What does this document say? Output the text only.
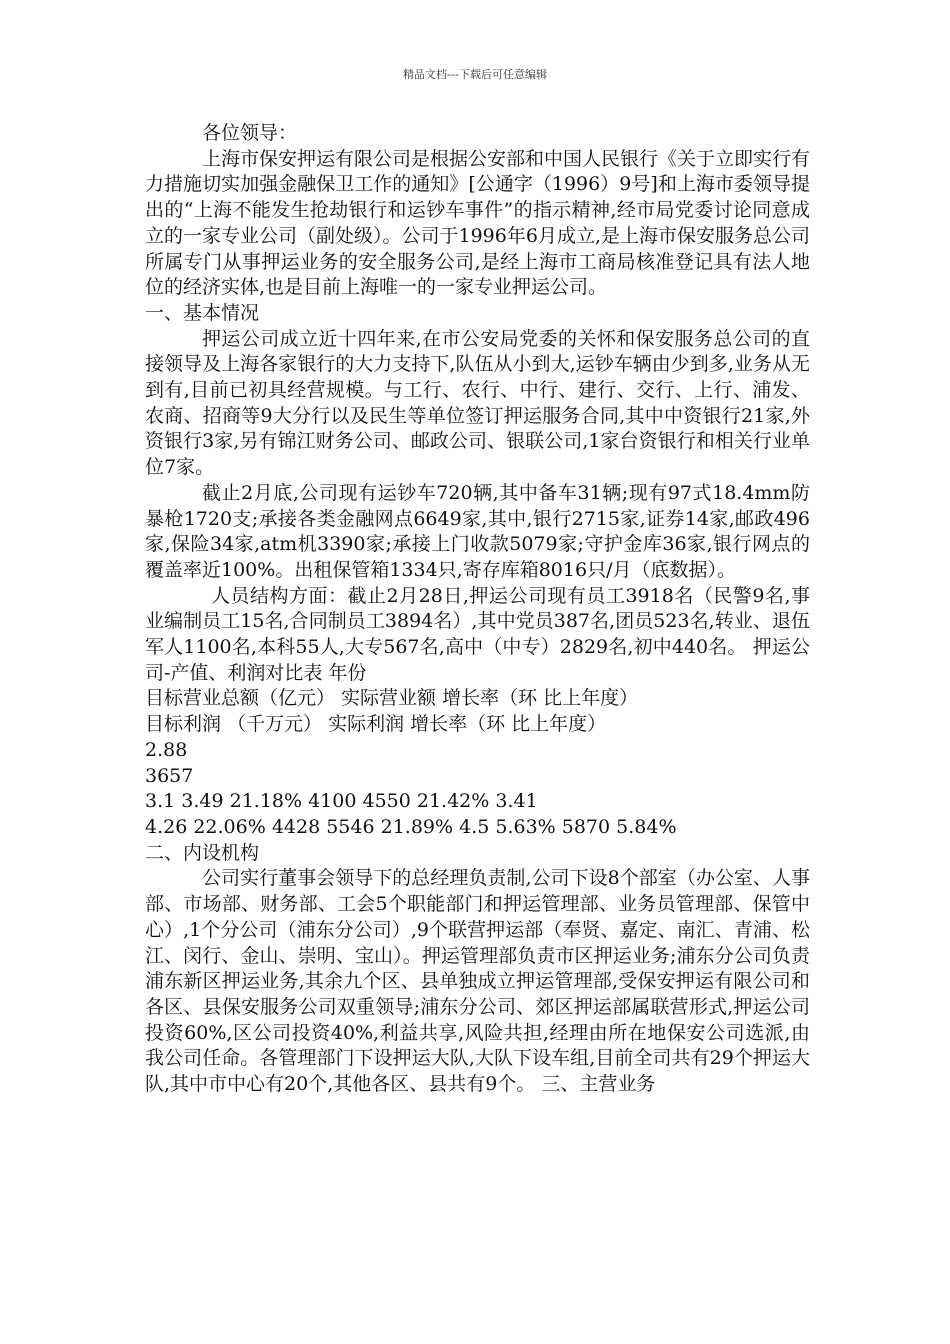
精品文档---下载后可任意编辑

各位领导：

上海市保安押运有限公司是根据公安部和中国人民银行《关于立即实行有力措施切实加强金融保卫工作的通知》[公通字（1996）9号]和上海市委领导提出的“上海不能发生抢劫银行和运钞车事件”的指示精神,经市局党委讨论同意成立的一家专业公司（副处级）。公司于1996年6月成立,是上海市保安服务总公司所属专门从事押运业务的安全服务公司,是经上海市工商局核准登记具有法人地位的经济实体,也是目前上海唯一的一家专业押运公司。

一、基本情况

押运公司成立近十四年来,在市公安局党委的关怀和保安服务总公司的直接领导及上海各家银行的大力支持下,队伍从小到大,运钞车辆由少到多,业务从无到有,目前已初具经营规模。与工行、农行、中行、建行、交行、上行、浦发、农商、招商等9大分行以及民生等单位签订押运服务合同,其中中资银行21家,外资银行3家,另有锦江财务公司、邮政公司、银联公司,1家台资银行和相关行业单位7家。

截止2月底,公司现有运钞车720辆,其中备车31辆;现有97式18.4mm防暴枪1720支;承接各类金融网点6649家,其中,银行2715家,证券14家,邮政496家,保险34家,atm机3390家;承接上门收款5079家;守护金库36家,银行网点的覆盖率近100%。出租保管箱1334只,寄存库箱8016只/月（底数据）。

人员结构方面：截止2月28日,押运公司现有员工3918名（民警9名,事业编制员工15名,合同制员工3894名）,其中党员387名,团员523名,转业、退伍军人1100名,本科55人,大专567名,高中（中专）2829名,初中440名。 押运公司-产值、利润对比表 年份

目标营业总额（亿元） 实际营业额 增长率（环 比上年度）

目标利润 （千万元） 实际利润 增长率（环 比上年度）

2.88

3657

3.1 3.49 21.18% 4100 4550 21.42% 3.41

4.26 22.06% 4428 5546 21.89% 4.5 5.63% 5870 5.84%

二、内设机构

公司实行董事会领导下的总经理负责制,公司下设8个部室（办公室、人事部、市场部、财务部、工会5个职能部门和押运管理部、业务员管理部、保管中心）,1个分公司（浦东分公司）,9个联营押运部（奉贤、嘉定、南汇、青浦、松江、闵行、金山、崇明、宝山）。押运管理部负责市区押运业务;浦东分公司负责浦东新区押运业务,其余九个区、县单独成立押运管理部,受保安押运有限公司和各区、县保安服务公司双重领导;浦东分公司、郊区押运部属联营形式,押运公司投资60%,区公司投资40%,利益共享,风险共担,经理由所在地保安公司选派,由我公司任命。各管理部门下设押运大队,大队下设车组,目前全司共有29个押运大队,其中市中心有20个,其他各区、县共有9个。 三、主营业务
